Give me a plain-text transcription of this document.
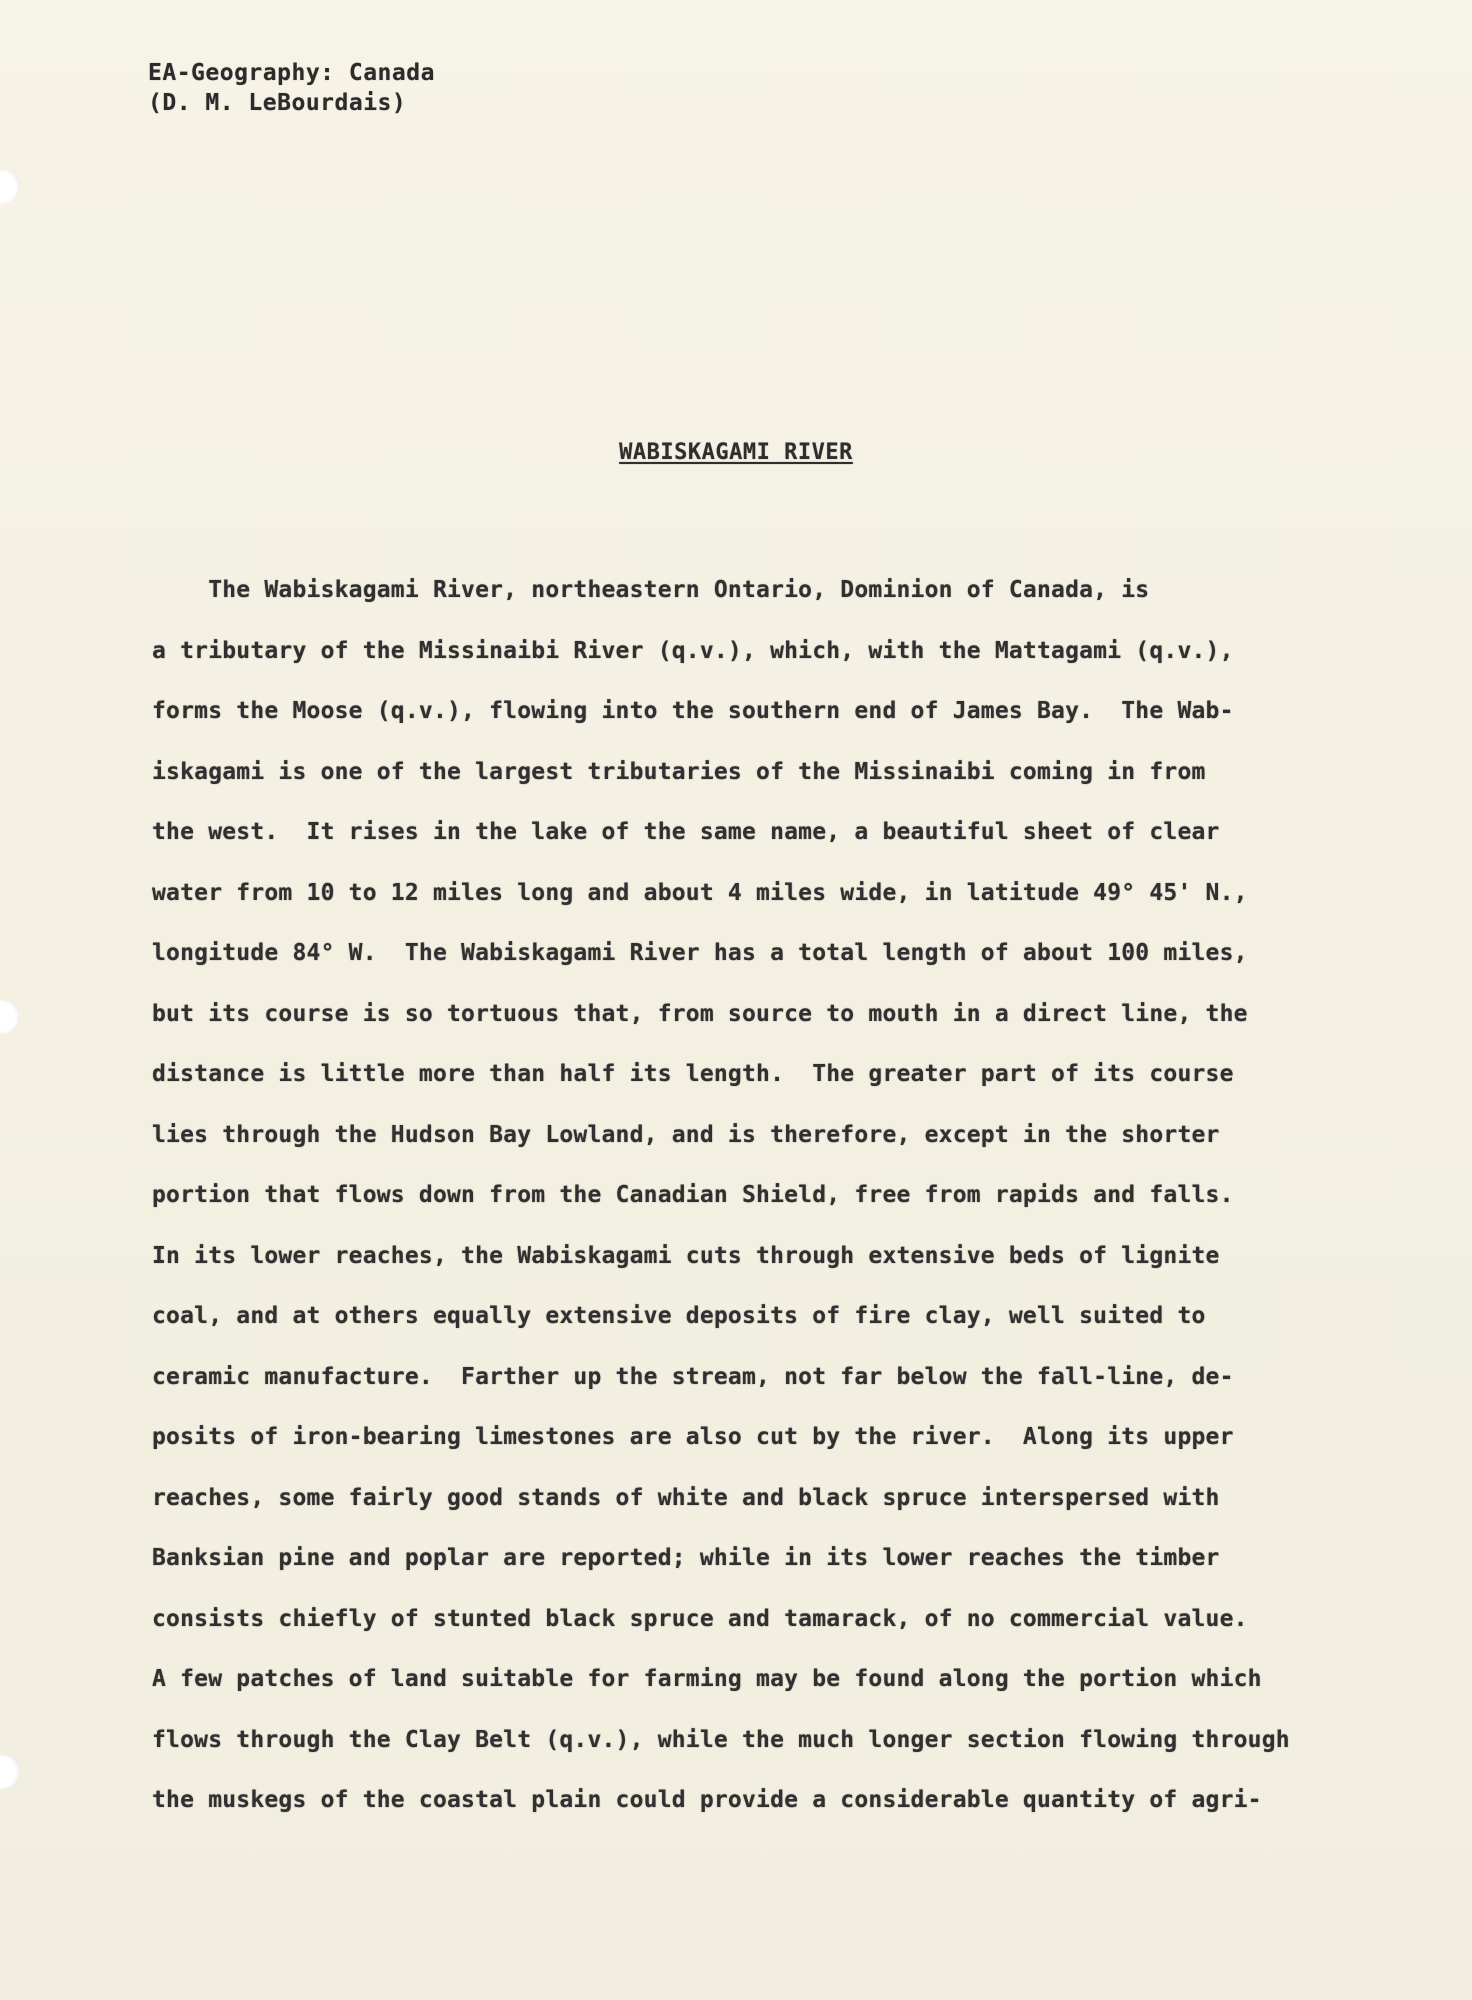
EA-Geography: Canada
(D. M. LeBourdais)
WABISKAGAMI RIVER
The Wabiskagami River, northeastern Ontario, Dominion of Canada, is
a tributary of the Missinaibi River (q.v.), which, with the Mattagami (q.v.),
forms the Moose (q.v.), flowing into the southern end of James Bay.  The Wab-
iskagami is one of the largest tributaries of the Missinaibi coming in from
the west.  It rises in the lake of the same name, a beautiful sheet of clear
water from 10 to 12 miles long and about 4 miles wide, in latitude 49° 45' N.,
longitude 84° W.  The Wabiskagami River has a total length of about 100 miles,
but its course is so tortuous that, from source to mouth in a direct line, the
distance is little more than half its length.  The greater part of its course
lies through the Hudson Bay Lowland, and is therefore, except in the shorter
portion that flows down from the Canadian Shield, free from rapids and falls.
In its lower reaches, the Wabiskagami cuts through extensive beds of lignite
coal, and at others equally extensive deposits of fire clay, well suited to
ceramic manufacture.  Farther up the stream, not far below the fall-line, de-
posits of iron-bearing limestones are also cut by the river.  Along its upper
reaches, some fairly good stands of white and black spruce interspersed with
Banksian pine and poplar are reported; while in its lower reaches the timber
consists chiefly of stunted black spruce and tamarack, of no commercial value.
A few patches of land suitable for farming may be found along the portion which
flows through the Clay Belt (q.v.), while the much longer section flowing through
the muskegs of the coastal plain could provide a considerable quantity of agri-
